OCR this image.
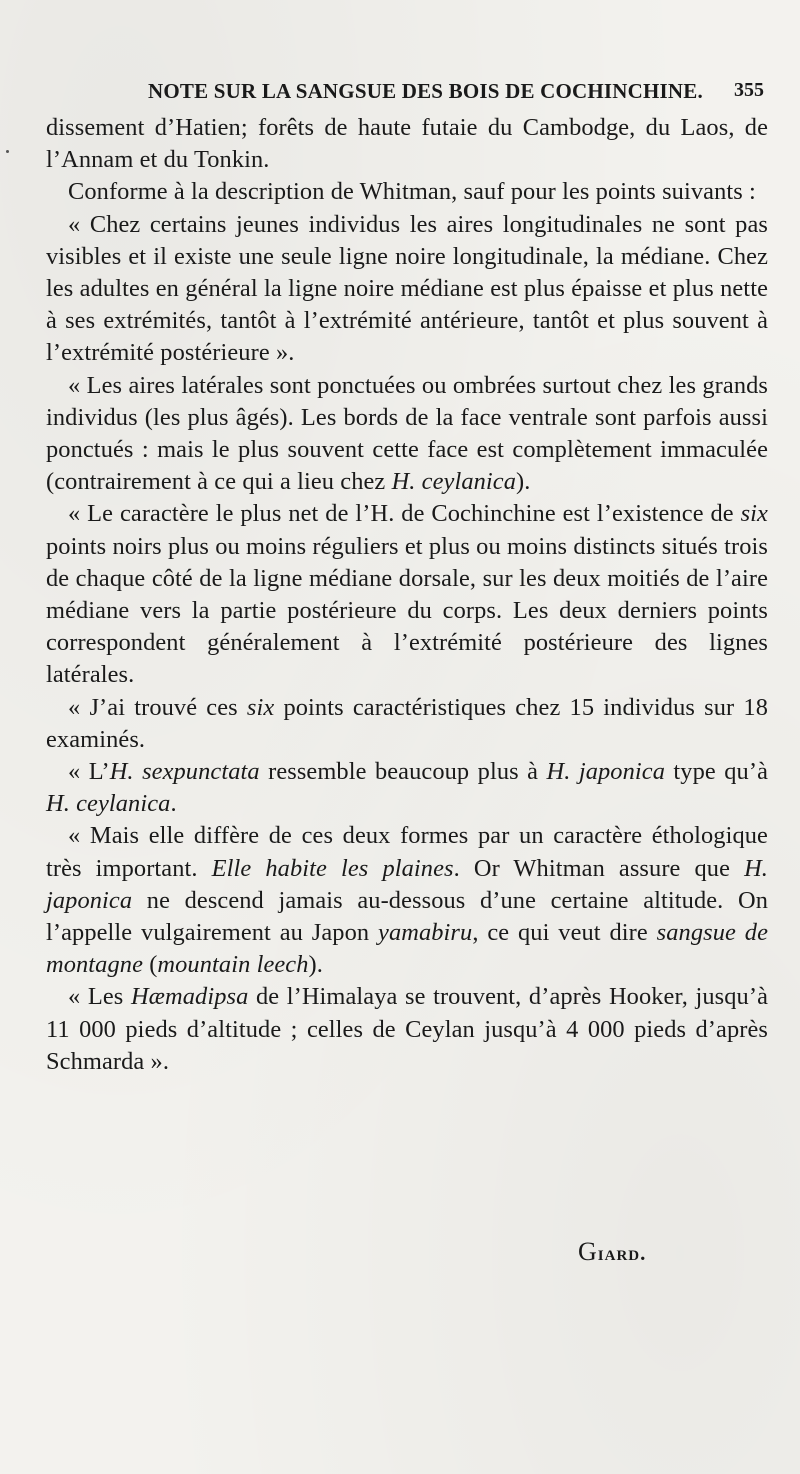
NOTE SUR LA SANGSUE DES BOIS DE COCHINCHINE. 355

dissement d’Hatien; forêts de haute futaie du Cambodge, du Laos, de l’Annam et du Tonkin.

Conforme à la description de Whitman, sauf pour les points suivants :

« Chez certains jeunes individus les aires longitudinales ne sont pas visibles et il existe une seule ligne noire longitudinale, la médiane. Chez les adultes en général la ligne noire médiane est plus épaisse et plus nette à ses extrémités, tantôt à l’extrémité antérieure, tantôt et plus souvent à l’extrémité postérieure ».

« Les aires latérales sont ponctuées ou ombrées surtout chez les grands individus (les plus âgés). Les bords de la face ventrale sont parfois aussi ponctués : mais le plus souvent cette face est complètement immaculée (contrairement à ce qui a lieu chez H. ceylanica).

« Le caractère le plus net de l’H. de Cochinchine est l’existence de six points noirs plus ou moins réguliers et plus ou moins distincts situés trois de chaque côté de la ligne médiane dorsale, sur les deux moitiés de l’aire médiane vers la partie postérieure du corps. Les deux derniers points correspondent généralement à l’extrémité postérieure des lignes latérales.

« J’ai trouvé ces six points caractéristiques chez 15 individus sur 18 examinés.

« L’H. sexpunctata ressemble beaucoup plus à H. japonica type qu’à H. ceylanica.

« Mais elle diffère de ces deux formes par un caractère éthologique très important. Elle habite les plaines. Or Whitman assure que H. japonica ne descend jamais au-dessous d’une certaine altitude. On l’appelle vulgairement au Japon yamabiru, ce qui veut dire sangsue de montagne (mountain leech).

« Les Hæmadipsa de l’Himalaya se trouvent, d’après Hooker, jusqu’à 11 000 pieds d’altitude ; celles de Ceylan jusqu’à 4 000 pieds d’après Schmarda ».

Giard.
